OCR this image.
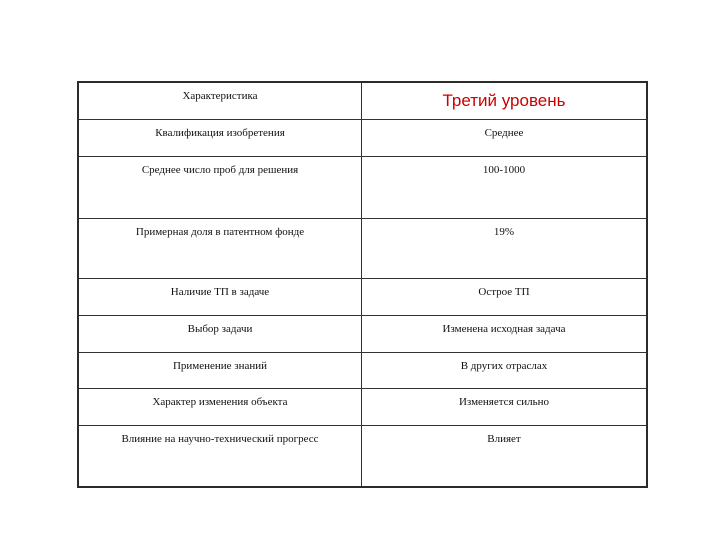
Характеристика	Третий уровень

Квалификация изобретения	Среднее

Среднее число проб для решения	100-1000

Примерная доля в патентном фонде	19%

Наличие ТП в задаче	Острое ТП

Выбор задачи	Изменена исходная задача

Применение знаний	В других отраслах

Характер изменения объекта	Изменяется сильно

Влияние на научно-технический прогресс	Влияет
